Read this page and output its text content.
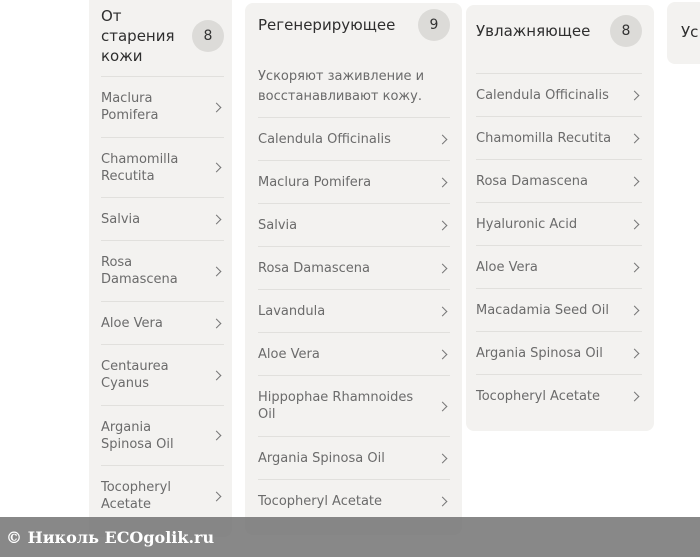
От старения кожи
8
Maclura Pomifera
Chamomilla Recutita
Salvia
Rosa Damascena
Aloe Vera
Centaurea Cyanus
Argania Spinosa Oil
Tocopheryl Acetate
Регенерирующее	9
Ускоряют заживление и восстанавливают кожу.
Calendula Officinalis
Maclura Pomifera
Salvia
Rosa Damascena
Lavandula
Aloe Vera
Hippophae Rhamnoides Oil
Argania Spinosa Oil
Tocopheryl Acetate
Увлажняющее	8
Calendula Officinalis
Chamomilla Recutita
Rosa Damascena
Hyaluronic Acid
Aloe Vera
Macadamia Seed Oil
Argania Spinosa Oil
Tocopheryl Acetate
Ус
© Николь ECOgolik.ru
